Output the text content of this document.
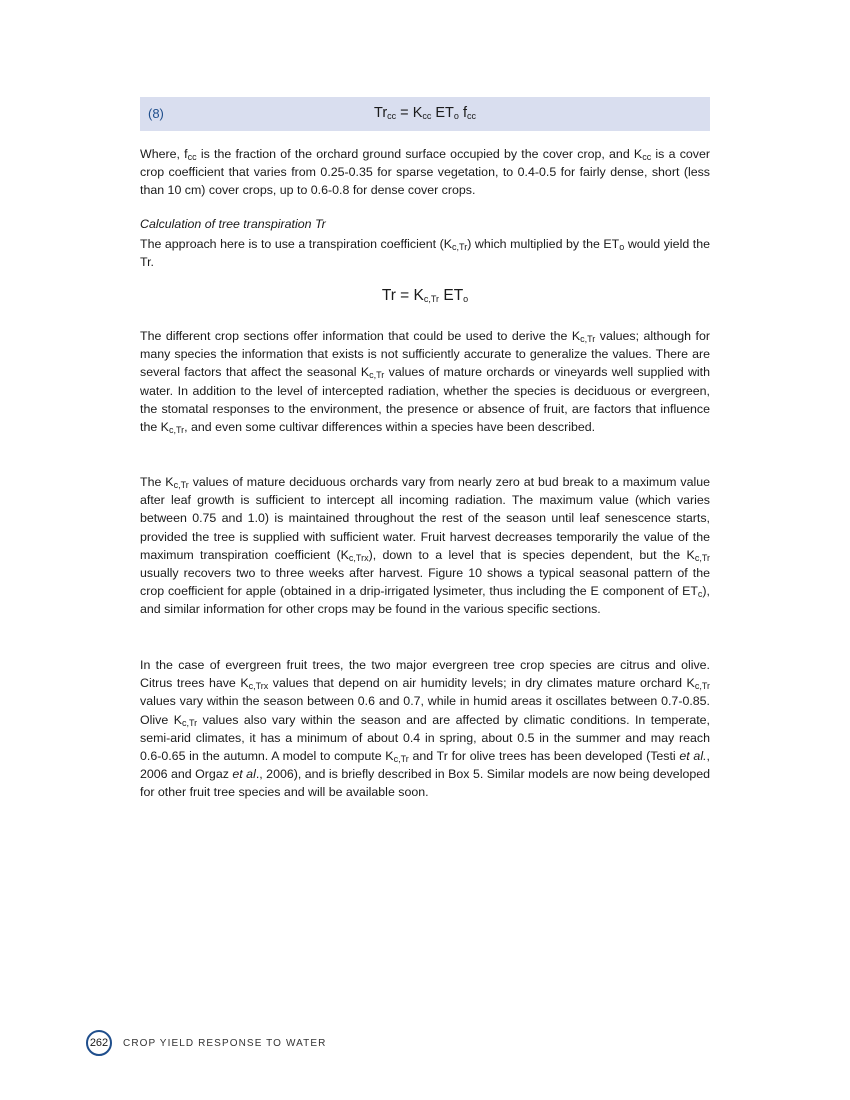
(8)	$Tr_{cc} = K_{cc}$ $ET_o$ $f_{cc}$

Where, $f_{cc}$ is the fraction of the orchard ground surface occupied by the cover crop, and $K_{cc}$ is a cover crop coefficient that varies from 0.25-0.35 for sparse vegetation, to 0.4-0.5 for fairly dense, short (less than 10 cm) cover crops, up to 0.6-0.8 for dense cover crops.

Calculation of tree transpiration Tr

The approach here is to use a transpiration coefficient $(K_{c,Tr})$ which multiplied by the $ET_o$ would yield the Tr.

$Tr = K_{c,Tr}$ $ET_o$

The different crop sections offer information that could be used to derive the $K_{c,Tr}$ values; although for many species the information that exists is not sufficiently accurate to generalize the values. There are several factors that affect the seasonal $K_{c,Tr}$ values of mature orchards or vineyards well supplied with water. In addition to the level of intercepted radiation, whether the species is deciduous or evergreen, the stomatal responses to the environment, the presence or absence of fruit, are factors that influence the $K_{c,Tr}$, and even some cultivar differences within a species have been described.

The $K_{c,Tr}$ values of mature deciduous orchards vary from nearly zero at bud break to a maximum value after leaf growth is sufficient to intercept all incoming radiation. The maximum value (which varies between 0.75 and 1.0) is maintained throughout the rest of the season until leaf senescence starts, provided the tree is supplied with sufficient water. Fruit harvest decreases temporarily the value of the maximum transpiration coefficient $(K_{c,Trx})$, down to a level that is species dependent, but the $K_{c,Tr}$ usually recovers two to three weeks after harvest. Figure 10 shows a typical seasonal pattern of the crop coefficient for apple (obtained in a drip-irrigated lysimeter, thus including the E component of $ET_c$), and similar information for other crops may be found in the various specific sections.

In the case of evergreen fruit trees, the two major evergreen tree crop species are citrus and olive. Citrus trees have $K_{c,Trx}$ values that depend on air humidity levels; in dry climates mature orchard $K_{c,Tr}$ values vary within the season between 0.6 and 0.7, while in humid areas it oscillates between 0.7-0.85. Olive $K_{c,Tr}$ values also vary within the season and are affected by climatic conditions. In temperate, semi-arid climates, it has a minimum of about 0.4 in spring, about 0.5 in the summer and may reach 0.6-0.65 in the autumn. A model to compute $K_{c,Tr}$ and Tr for olive trees has been developed (Testi et al., 2006 and Orgaz et al., 2006), and is briefly described in Box 5. Similar models are now being developed for other fruit tree species and will be available soon.

262	CROP YIELD RESPONSE TO WATER
